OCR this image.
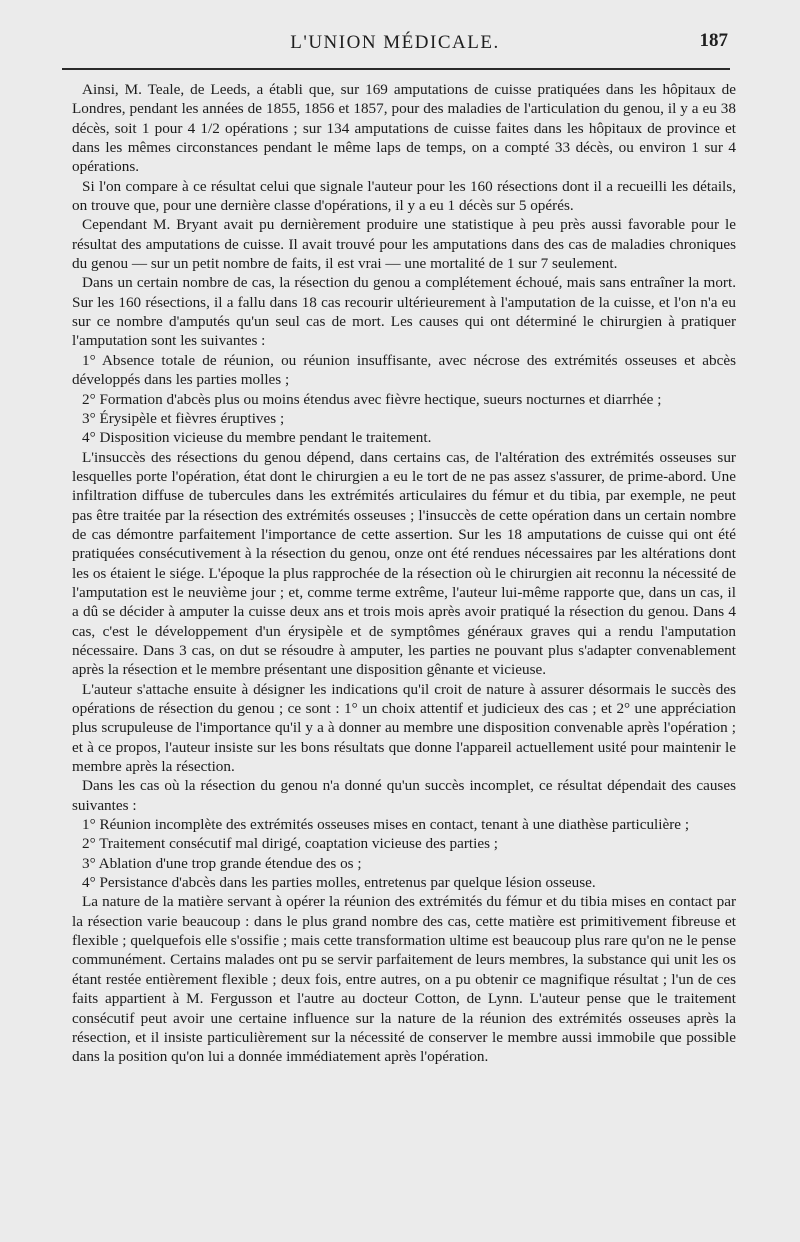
L'UNION MÉDICALE.	187

Ainsi, M. Teale, de Leeds, a établi que, sur 169 amputations de cuisse pratiquées dans les hôpitaux de Londres, pendant les années de 1855, 1856 et 1857, pour des maladies de l'articulation du genou, il y a eu 38 décès, soit 1 pour 4 1/2 opérations ; sur 134 amputations de cuisse faites dans les hôpitaux de province et dans les mêmes circonstances pendant le même laps de temps, on a compté 33 décès, ou environ 1 sur 4 opérations.

Si l'on compare à ce résultat celui que signale l'auteur pour les 160 résections dont il a recueilli les détails, on trouve que, pour une dernière classe d'opérations, il y a eu 1 décès sur 5 opérés.

Cependant M. Bryant avait pu dernièrement produire une statistique à peu près aussi favorable pour le résultat des amputations de cuisse. Il avait trouvé pour les amputations dans des cas de maladies chroniques du genou — sur un petit nombre de faits, il est vrai — une mortalité de 1 sur 7 seulement.

Dans un certain nombre de cas, la résection du genou a complétement échoué, mais sans entraîner la mort. Sur les 160 résections, il a fallu dans 18 cas recourir ultérieurement à l'amputation de la cuisse, et l'on n'a eu sur ce nombre d'amputés qu'un seul cas de mort. Les causes qui ont déterminé le chirurgien à pratiquer l'amputation sont les suivantes :

1° Absence totale de réunion, ou réunion insuffisante, avec nécrose des extrémités osseuses et abcès développés dans les parties molles ;

2° Formation d'abcès plus ou moins étendus avec fièvre hectique, sueurs nocturnes et diarrhée ;

3° Érysipèle et fièvres éruptives ;

4° Disposition vicieuse du membre pendant le traitement.

L'insuccès des résections du genou dépend, dans certains cas, de l'altération des extrémités osseuses sur lesquelles porte l'opération, état dont le chirurgien a eu le tort de ne pas assez s'assurer, de prime-abord. Une infiltration diffuse de tubercules dans les extrémités articulaires du fémur et du tibia, par exemple, ne peut pas être traitée par la résection des extrémités osseuses ; l'insuccès de cette opération dans un certain nombre de cas démontre parfaitement l'importance de cette assertion. Sur les 18 amputations de cuisse qui ont été pratiquées consécutivement à la résection du genou, onze ont été rendues nécessaires par les altérations dont les os étaient le siége. L'époque la plus rapprochée de la résection où le chirurgien ait reconnu la nécessité de l'amputation est le neuvième jour ; et, comme terme extrême, l'auteur lui-même rapporte que, dans un cas, il a dû se décider à amputer la cuisse deux ans et trois mois après avoir pratiqué la résection du genou. Dans 4 cas, c'est le développement d'un érysipèle et de symptômes généraux graves qui a rendu l'amputation nécessaire. Dans 3 cas, on dut se résoudre à amputer, les parties ne pouvant plus s'adapter convenablement après la résection et le membre présentant une disposition gênante et vicieuse.

L'auteur s'attache ensuite à désigner les indications qu'il croit de nature à assurer désormais le succès des opérations de résection du genou ; ce sont : 1° un choix attentif et judicieux des cas ; et 2° une appréciation plus scrupuleuse de l'importance qu'il y a à donner au membre une disposition convenable après l'opération ; et à ce propos, l'auteur insiste sur les bons résultats que donne l'appareil actuellement usité pour maintenir le membre après la résection.

Dans les cas où la résection du genou n'a donné qu'un succès incomplet, ce résultat dépendait des causes suivantes :

1° Réunion incomplète des extrémités osseuses mises en contact, tenant à une diathèse particulière ;

2° Traitement consécutif mal dirigé, coaptation vicieuse des parties ;

3° Ablation d'une trop grande étendue des os ;

4° Persistance d'abcès dans les parties molles, entretenus par quelque lésion osseuse.

La nature de la matière servant à opérer la réunion des extrémités du fémur et du tibia mises en contact par la résection varie beaucoup : dans le plus grand nombre des cas, cette matière est primitivement fibreuse et flexible ; quelquefois elle s'ossifie ; mais cette transformation ultime est beaucoup plus rare qu'on ne le pense communément. Certains malades ont pu se servir parfaitement de leurs membres, la substance qui unit les os étant restée entièrement flexible ; deux fois, entre autres, on a pu obtenir ce magnifique résultat ; l'un de ces faits appartient à M. Fergusson et l'autre au docteur Cotton, de Lynn. L'auteur pense que le traitement consécutif peut avoir une certaine influence sur la nature de la réunion des extrémités osseuses après la résection, et il insiste particulièrement sur la nécessité de conserver le membre aussi immobile que possible dans la position qu'on lui a donnée immédiatement après l'opération.
